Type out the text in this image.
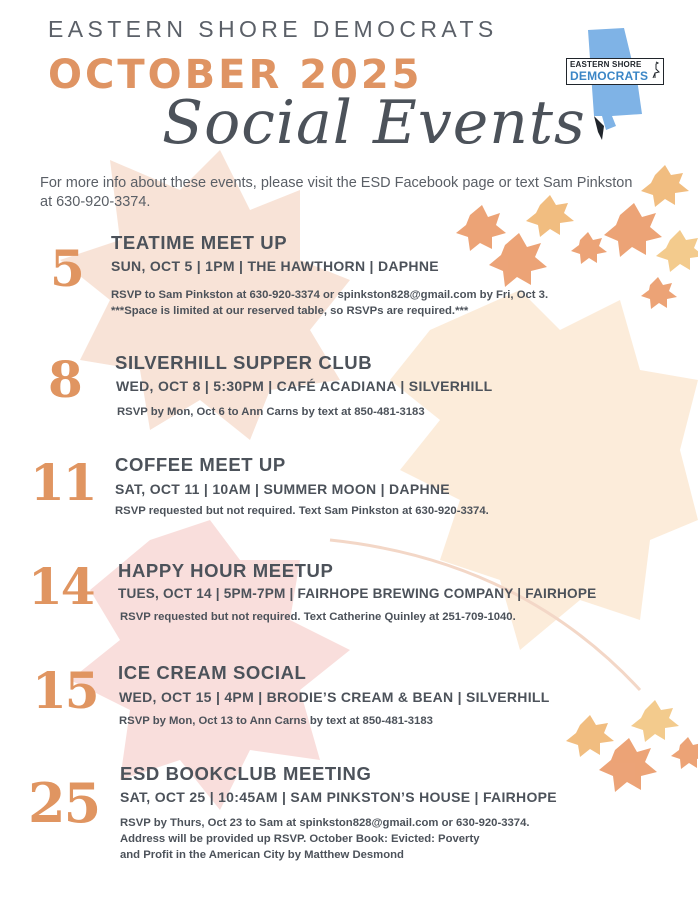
EASTERN SHORE DEMOCRATS
OCTOBER 2025
Social Events
For more info about these events, please visit the ESD Facebook page or text Sam Pinkston at 630-920-3374.
EASTERN SHORE
DEMOCRATS
5 TEATIME MEET UP
SUN, OCT 5 | 1PM | THE HAWTHORN | DAPHNE
RSVP to Sam Pinkston at 630-920-3374 or spinkston828@gmail.com by Fri, Oct 3.
***Space is limited at our reserved table, so RSVPs are required.***
8 SILVERHILL SUPPER CLUB
WED, OCT 8 | 5:30PM | CAFÉ ACADIANA | SILVERHILL
RSVP by Mon, Oct 6 to Ann Carns by text at 850-481-3183
11 COFFEE MEET UP
SAT, OCT 11 | 10AM | SUMMER MOON | DAPHNE
RSVP requested but not required. Text Sam Pinkston at 630-920-3374.
14 HAPPY HOUR MEETUP
TUES, OCT 14 | 5PM-7PM | FAIRHOPE BREWING COMPANY | FAIRHOPE
RSVP requested but not required. Text Catherine Quinley at 251-709-1040.
15 ICE CREAM SOCIAL
WED, OCT 15 | 4PM | BRODIE’S CREAM & BEAN | SILVERHILL
RSVP by Mon, Oct 13 to Ann Carns by text at 850-481-3183
25 ESD BOOKCLUB MEETING
SAT, OCT 25 | 10:45AM | SAM PINKSTON’S HOUSE | FAIRHOPE
RSVP by Thurs, Oct 23 to Sam at spinkston828@gmail.com or 630-920-3374.
Address will be provided up RSVP. October Book: Evicted: Poverty
and Profit in the American City by Matthew Desmond
